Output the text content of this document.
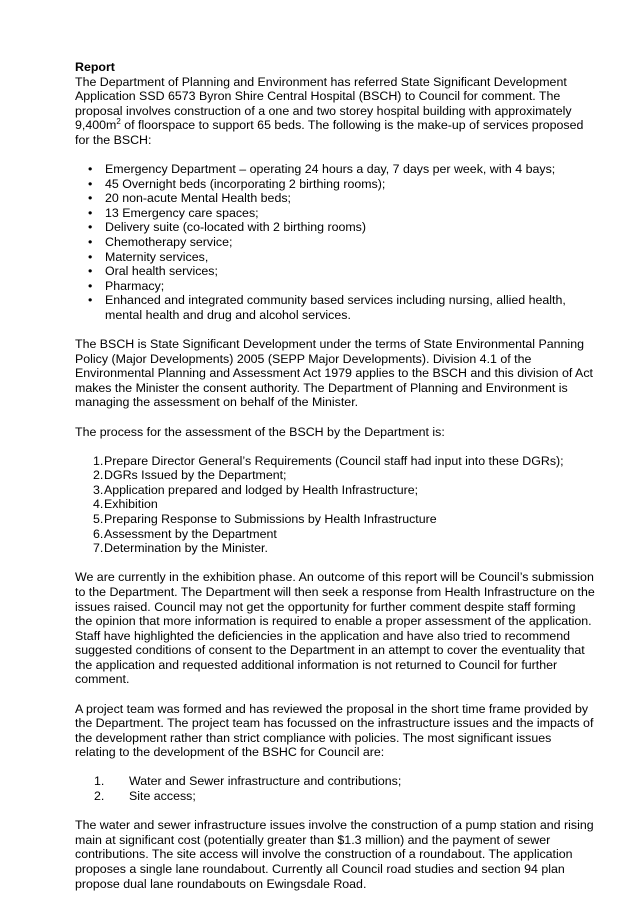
Report

The Department of Planning and Environment has referred State Significant Development Application SSD 6573 Byron Shire Central Hospital (BSCH) to Council for comment. The proposal involves construction of a one and two storey hospital building with approximately $9,400m^2$ of floorspace to support 65 beds. The following is the make-up of services proposed for the BSCH:

• Emergency Department – operating 24 hours a day, 7 days per week, with 4 bays;
• 45 Overnight beds (incorporating 2 birthing rooms);
• 20 non-acute Mental Health beds;
• 13 Emergency care spaces;
• Delivery suite (co-located with 2 birthing rooms)
• Chemotherapy service;
• Maternity services,
• Oral health services;
• Pharmacy;
• Enhanced and integrated community based services including nursing, allied health, mental health and drug and alcohol services.

The BSCH is State Significant Development under the terms of State Environmental Panning Policy (Major Developments) 2005 (SEPP Major Developments). Division 4.1 of the Environmental Planning and Assessment Act 1979 applies to the BSCH and this division of Act makes the Minister the consent authority. The Department of Planning and Environment is managing the assessment on behalf of the Minister.

The process for the assessment of the BSCH by the Department is:

1. Prepare Director General’s Requirements (Council staff had input into these DGRs);
2. DGRs Issued by the Department;
3. Application prepared and lodged by Health Infrastructure;
4. Exhibition
5. Preparing Response to Submissions by Health Infrastructure
6. Assessment by the Department
7. Determination by the Minister.

We are currently in the exhibition phase. An outcome of this report will be Council’s submission to the Department. The Department will then seek a response from Health Infrastructure on the issues raised. Council may not get the opportunity for further comment despite staff forming the opinion that more information is required to enable a proper assessment of the application. Staff have highlighted the deficiencies in the application and have also tried to recommend suggested conditions of consent to the Department in an attempt to cover the eventuality that the application and requested additional information is not returned to Council for further comment.

A project team was formed and has reviewed the proposal in the short time frame provided by the Department. The project team has focussed on the infrastructure issues and the impacts of the development rather than strict compliance with policies. The most significant issues relating to the development of the BSHC for Council are:

1. Water and Sewer infrastructure and contributions;
2. Site access;

The water and sewer infrastructure issues involve the construction of a pump station and rising main at significant cost (potentially greater than $1.3 million) and the payment of sewer contributions. The site access will involve the construction of a roundabout. The application proposes a single lane roundabout. Currently all Council road studies and section 94 plan propose dual lane roundabouts on Ewingsdale Road.
